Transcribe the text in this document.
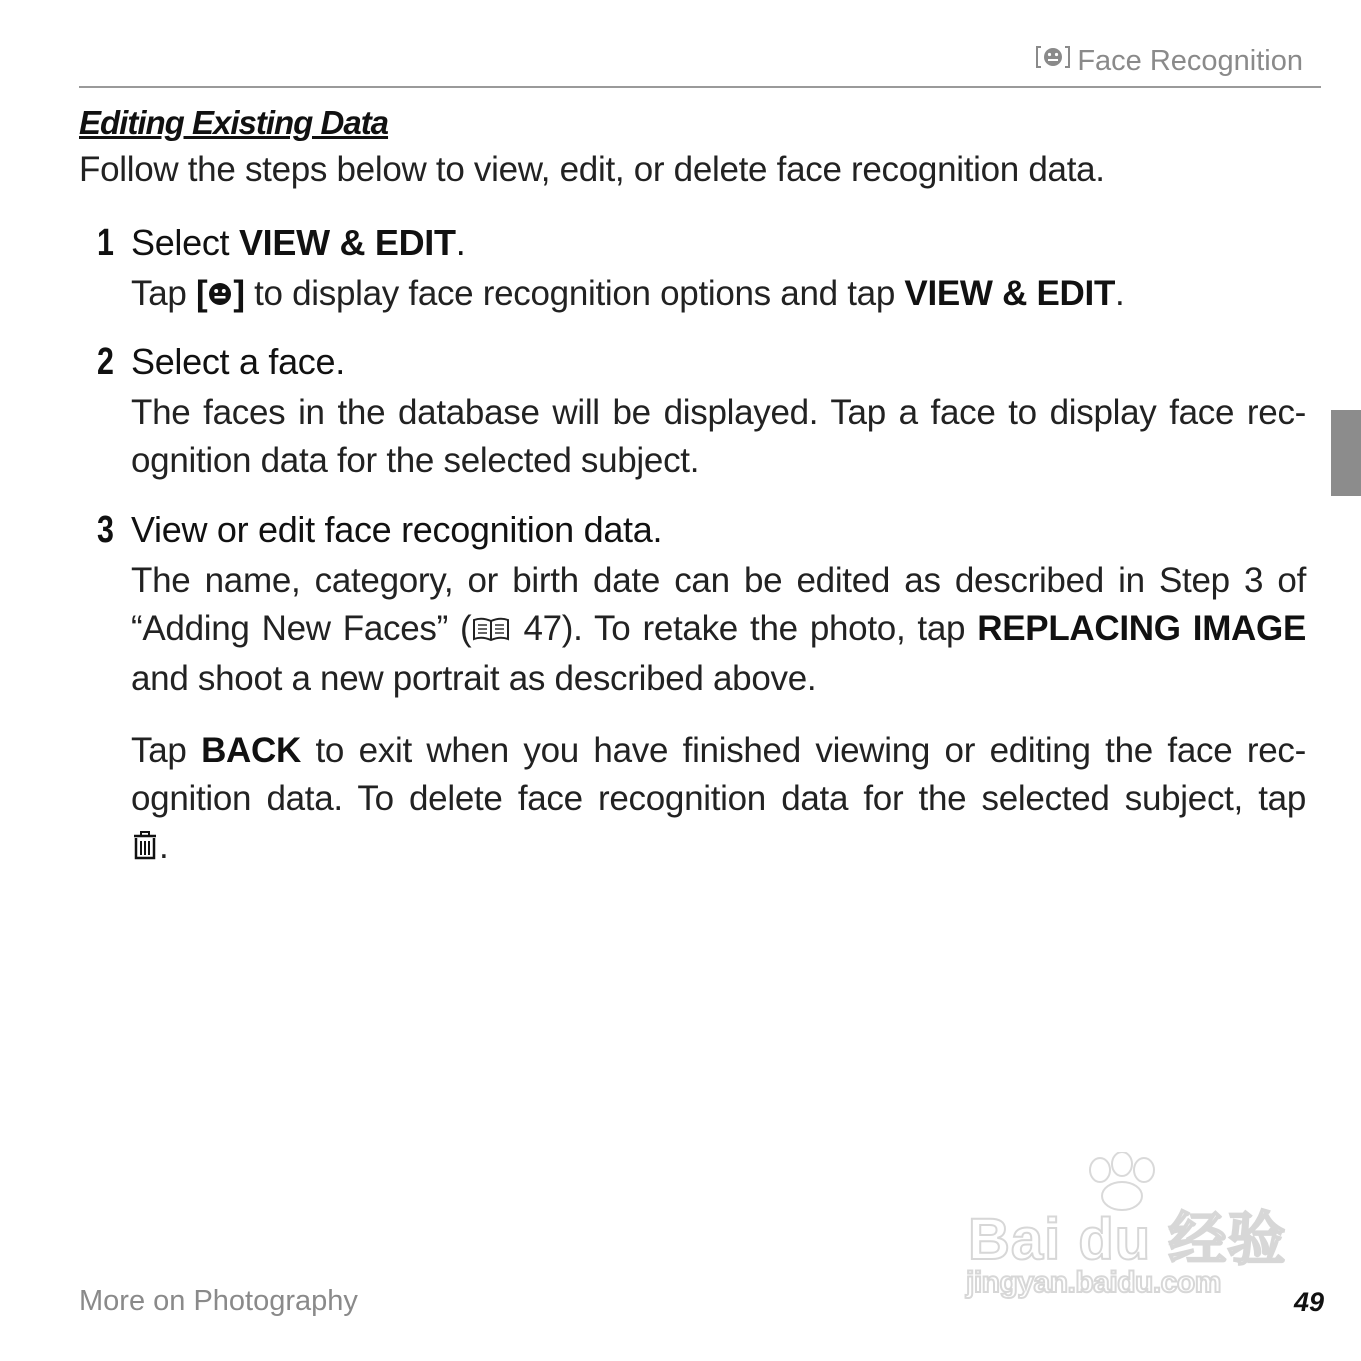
Face Recognition
Editing Existing Data
Follow the steps below to view, edit, or delete face recognition data.
1 Select VIEW & EDIT.
Tap [ ] to display face recognition options and tap VIEW & EDIT.
2 Select a face.
The faces in the database will be displayed. Tap a face to display face rec-
ognition data for the selected subject.
3 View or edit face recognition data.

The name, category, or birth date can be edited as described in Step 3 of
“Adding New Faces” ( 47). To retake the photo, tap REPLACING IMAGE
and shoot a new portrait as described above.

Tap BACK to exit when you have finished viewing or editing the face rec-
ognition data. To delete face recognition data for the selected subject, tap
.

Bai du 经验
jingyan.baidu.com
More on Photography	49
